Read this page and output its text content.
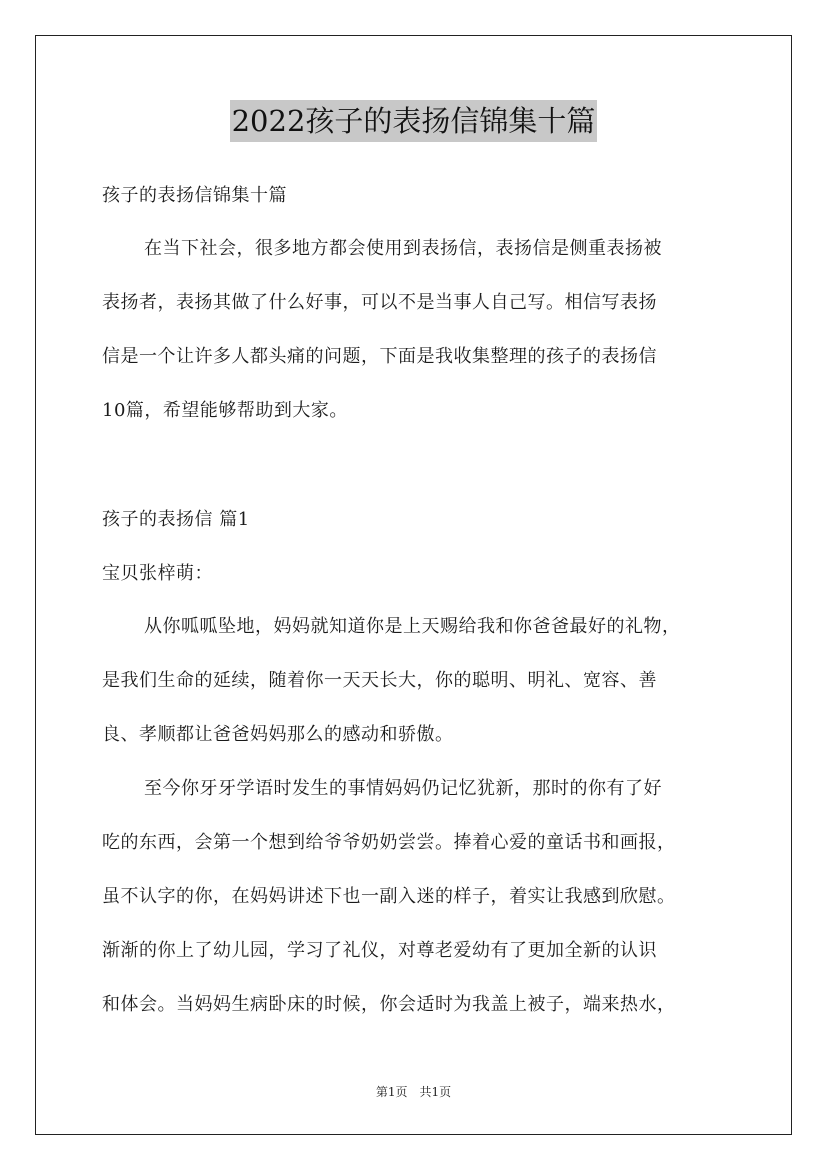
2022孩子的表扬信锦集十篇
孩子的表扬信锦集十篇
在当下社会，很多地方都会使用到表扬信，表扬信是侧重表扬被
表扬者，表扬其做了什么好事，可以不是当事人自己写。相信写表扬
信是一个让许多人都头痛的问题，下面是我收集整理的孩子的表扬信
10篇，希望能够帮助到大家。
孩子的表扬信 篇1
宝贝张梓萌：
从你呱呱坠地，妈妈就知道你是上天赐给我和你爸爸最好的礼物，
是我们生命的延续，随着你一天天长大，你的聪明、明礼、宽容、善
良、孝顺都让爸爸妈妈那么的感动和骄傲。
至今你牙牙学语时发生的事情妈妈仍记忆犹新，那时的你有了好
吃的东西，会第一个想到给爷爷奶奶尝尝。捧着心爱的童话书和画报，
虽不认字的你，在妈妈讲述下也一副入迷的样子，着实让我感到欣慰。
渐渐的你上了幼儿园，学习了礼仪，对尊老爱幼有了更加全新的认识
和体会。当妈妈生病卧床的时候，你会适时为我盖上被子，端来热水，
第1页　共1页
